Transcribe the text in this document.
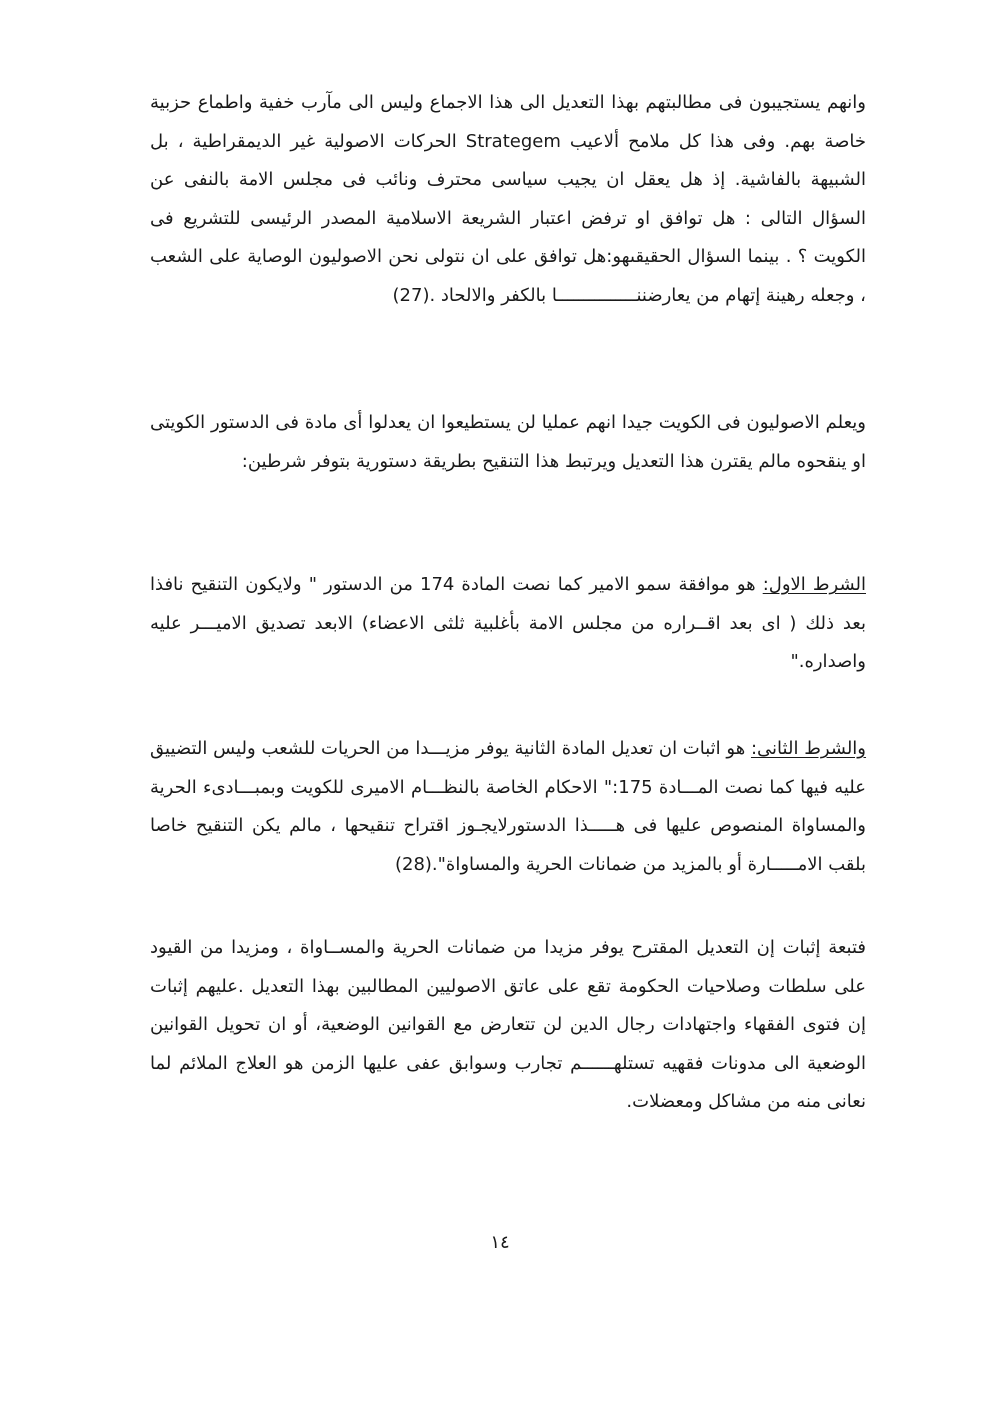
وانهم يستجيبون فى مطالبتهم بهذا التعديل الى هذا الاجماع وليس الى مآرب خفية واطماع حزبية خاصة بهم. وفى هذا كل ملامح ألاعيب Strategem الحركات الاصولية غير الديمقراطية ، بل الشبيهة بالفاشية. إذ هل يعقل ان يجيب سياسى محترف ونائب فى مجلس الامة بالنفى عن السؤال التالى : هل توافق او ترفض اعتبار الشريعة الاسلامية المصدر الرئيسى للتشريع فى الكويت ؟ . بينما السؤال الحقيقىهو:هل توافق على ان نتولى نحن الاصوليون الوصاية على الشعب ، وجعله رهينة إتهام من يعارضننـــــــــــــــا بالكفر والالحاد .(27)

ويعلم الاصوليون فى الكويت جيدا انهم عمليا لن يستطيعوا ان يعدلوا أى مادة فى الدستور الكويتى او ينقحوه مالم يقترن هذا التعديل ويرتبط هذا التنقيح بطريقة دستورية بتوفر شرطين:

الشرط الاول: هو موافقة سمو الامير كما نصت المادة 174 من الدستور " ولايكون التنقيح نافذا بعد ذلك ( اى بعد اقــراره من مجلس الامة بأغلبية ثلثى الاعضاء) الابعد تصديق الاميـــر عليه واصداره."

والشرط الثانى: هو اثبات ان تعديل المادة الثانية يوفر مزيـــدا من الحريات للشعب وليس التضييق عليه فيها كما نصت المـــادة 175:" الاحكام الخاصة بالنظـــام الاميرى للكويت وبمبـــادىء الحرية والمساواة المنصوص عليها فى هـــــذا الدستورلايجـوز اقتراح تنقيحها ، مالم يكن التنقيح خاصا بلقب الامـــــارة أو بالمزيد من ضمانات الحرية والمساواة".(28)

فتبعة إثبات إن التعديل المقترح يوفر مزيدا من ضمانات الحرية والمســاواة ، ومزيدا من القيود على سلطات وصلاحيات الحكومة تقع على عاتق الاصوليين المطالبين بهذا التعديل .عليهم إثبات إن فتوى الفقهاء واجتهادات رجال الدين لن تتعارض مع القوانين الوضعية، أو ان تحويل القوانين الوضعية الى مدونات فقهيه تستلهــــــم تجارب وسوابق عفى عليها الزمن هو العلاج الملائم لما نعانى منه من مشاكل ومعضلات.

١٤
